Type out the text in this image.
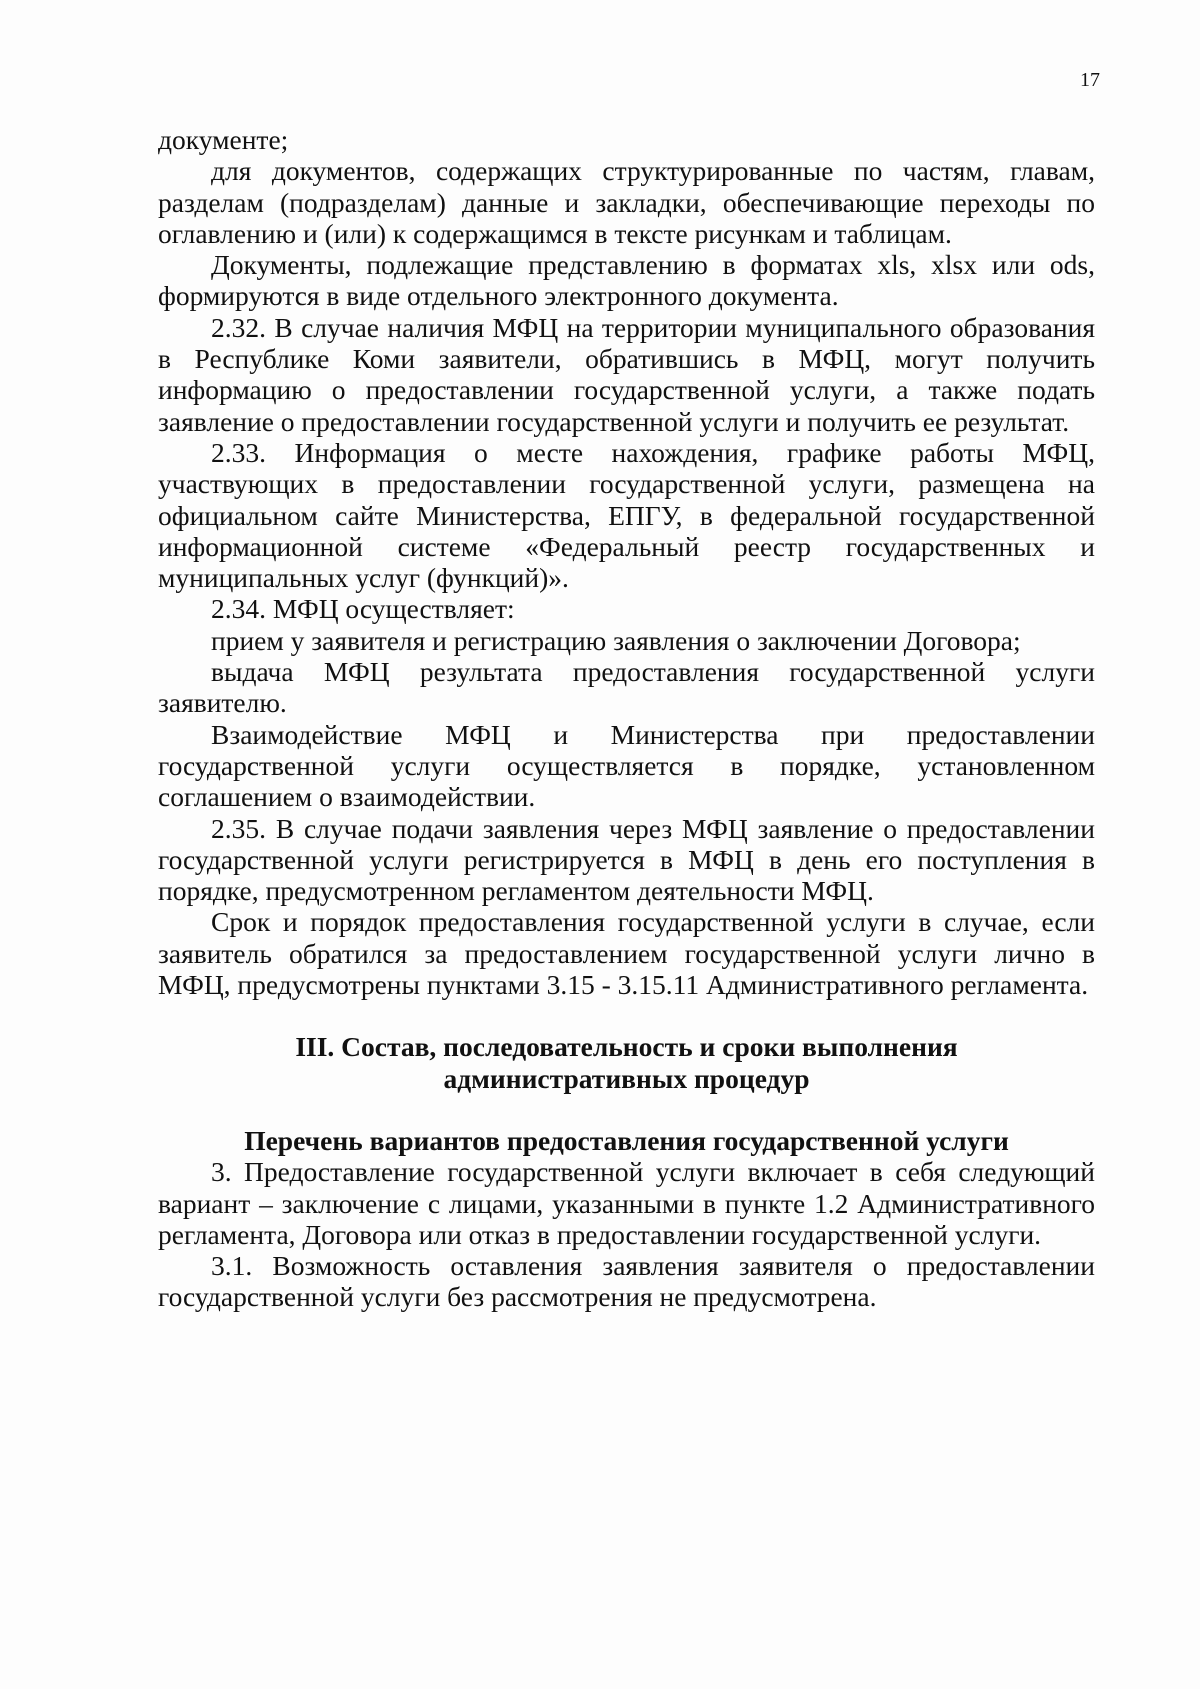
17

документе;

для документов, содержащих структурированные по частям, главам, разделам (подразделам) данные и закладки, обеспечивающие переходы по оглавлению и (или) к содержащимся в тексте рисункам и таблицам.

Документы, подлежащие представлению в форматах xls, xlsx или ods, формируются в виде отдельного электронного документа.

2.32. В случае наличия МФЦ на территории муниципального образования в Республике Коми заявители, обратившись в МФЦ, могут получить информацию о предоставлении государственной услуги, а также подать заявление о предоставлении государственной услуги и получить ее результат.

2.33. Информация о месте нахождения, графике работы МФЦ, участвующих в предоставлении государственной услуги, размещена на официальном сайте Министерства, ЕПГУ, в федеральной государственной информационной системе «Федеральный реестр государственных и муниципальных услуг (функций)».

2.34. МФЦ осуществляет:

прием у заявителя и регистрацию заявления о заключении Договора;

выдача МФЦ результата предоставления государственной услуги заявителю.

Взаимодействие МФЦ и Министерства при предоставлении государственной услуги осуществляется в порядке, установленном соглашением о взаимодействии.

2.35. В случае подачи заявления через МФЦ заявление о предоставлении государственной услуги регистрируется в МФЦ в день его поступления в порядке, предусмотренном регламентом деятельности МФЦ.

Срок и порядок предоставления государственной услуги в случае, если заявитель обратился за предоставлением государственной услуги лично в МФЦ, предусмотрены пунктами 3.15 - 3.15.11 Административного регламента.

III. Состав, последовательность и сроки выполнения
административных процедур
Перечень вариантов предоставления государственной услуги

3. Предоставление государственной услуги включает в себя следующий вариант – заключение с лицами, указанными в пункте 1.2 Административного регламента, Договора или отказ в предоставлении государственной услуги.

3.1. Возможность оставления заявления заявителя о предоставлении государственной услуги без рассмотрения не предусмотрена.
